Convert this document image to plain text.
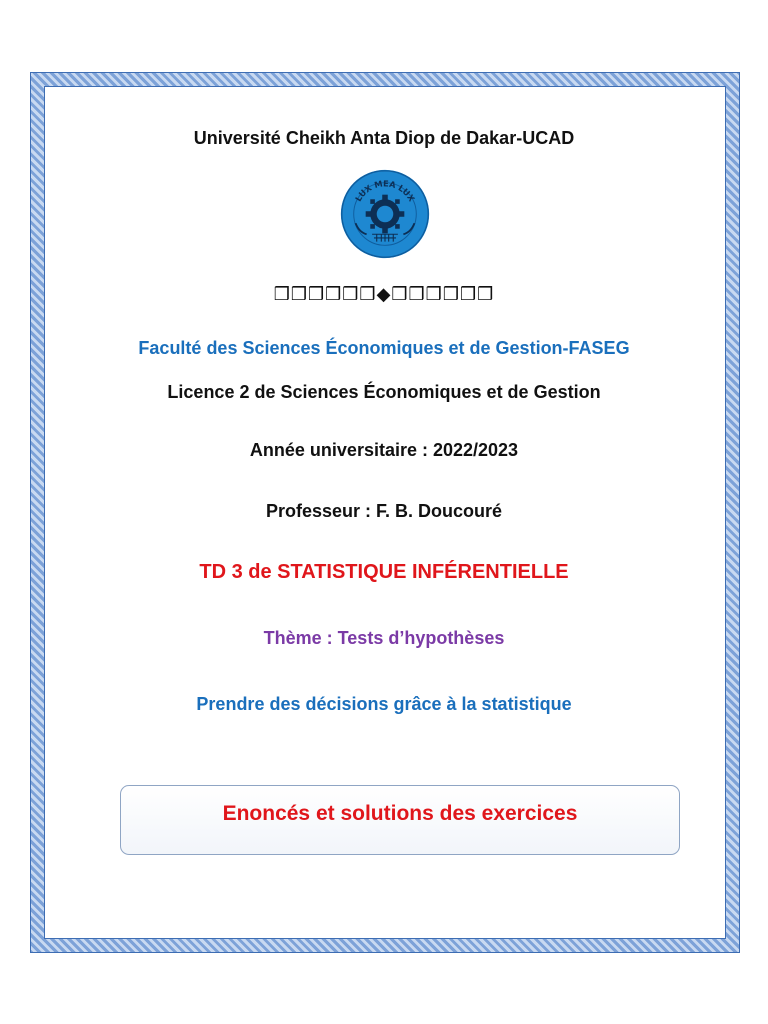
Université Cheikh Anta Diop de Dakar-UCAD
LUX MEA LUX
❒❒❒❒❒❒◆❒❒❒❒❒❒
Faculté des Sciences Économiques et de Gestion-FASEG
Licence 2 de Sciences Économiques et de Gestion
Année universitaire : 2022/2023
Professeur : F. B. Doucouré
TD 3 de STATISTIQUE INFÉRENTIELLE
Thème : Tests d’hypothèses
Prendre des décisions grâce à la statistique
Enoncés et solutions des exercices
